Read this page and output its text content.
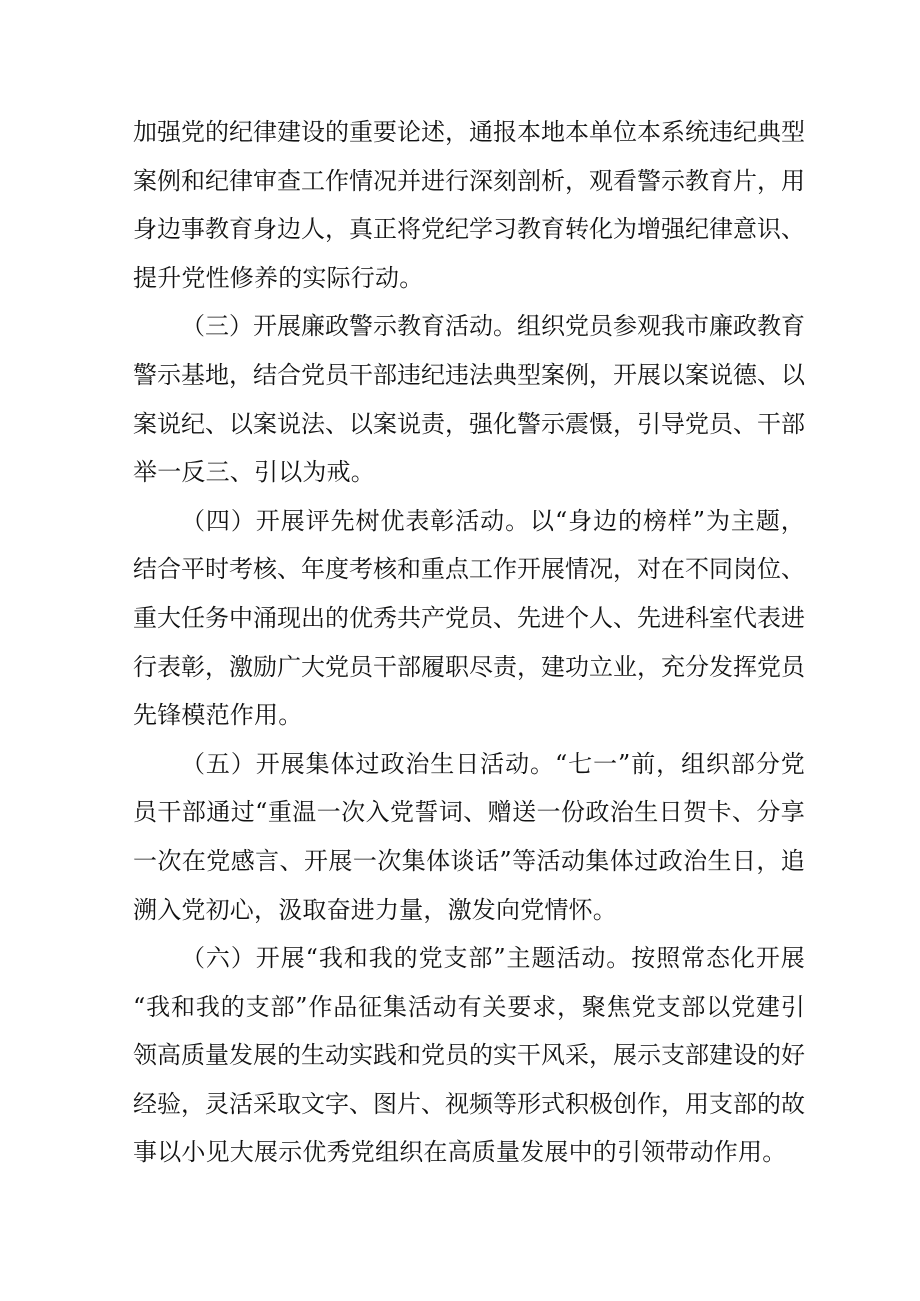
加强党的纪律建设的重要论述，通报本地本单位本系统违纪典型
案例和纪律审查工作情况并进行深刻剖析，观看警示教育片，用
身边事教育身边人，真正将党纪学习教育转化为增强纪律意识、
提升党性修养的实际行动。

（三）开展廉政警示教育活动。组织党员参观我市廉政教育
警示基地，结合党员干部违纪违法典型案例，开展以案说德、以
案说纪、以案说法、以案说责，强化警示震慑，引导党员、干部
举一反三、引以为戒。

（四）开展评先树优表彰活动。以“身边的榜样”为主题，
结合平时考核、年度考核和重点工作开展情况，对在不同岗位、
重大任务中涌现出的优秀共产党员、先进个人、先进科室代表进
行表彰，激励广大党员干部履职尽责，建功立业，充分发挥党员
先锋模范作用。

（五）开展集体过政治生日活动。“七一”前，组织部分党
员干部通过“重温一次入党誓词、赠送一份政治生日贺卡、分享
一次在党感言、开展一次集体谈话”等活动集体过政治生日，追
溯入党初心，汲取奋进力量，激发向党情怀。

（六）开展“我和我的党支部”主题活动。按照常态化开展
“我和我的支部”作品征集活动有关要求，聚焦党支部以党建引
领高质量发展的生动实践和党员的实干风采，展示支部建设的好
经验，灵活采取文字、图片、视频等形式积极创作，用支部的故
事以小见大展示优秀党组织在高质量发展中的引领带动作用。
